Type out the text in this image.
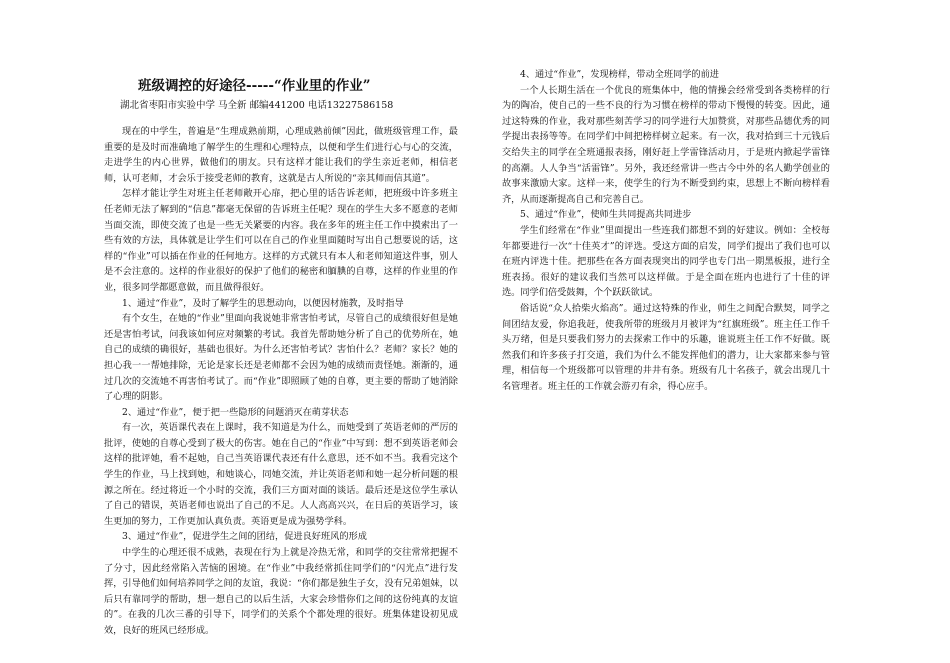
班级调控的好途径-----“作业里的作业”
湖北省枣阳市实验中学 马全新 邮编441200 电话13227586158

现在的中学生，普遍是“生理成熟前期，心理成熟前倾”因此，做班级管理工作，最重要的是及时而准确地了解学生的生理和心理特点，以便和学生们进行心与心的交流，走进学生的内心世界，做他们的朋友。只有这样才能让我们的学生亲近老师，相信老师，认可老师，才会乐于接受老师的教育，这就是古人所说的“亲其师而信其道”。

怎样才能让学生对班主任老师敞开心扉，把心里的话告诉老师，把班级中许多班主任老师无法了解到的“信息”都毫无保留的告诉班主任呢？现在的学生大多不愿意的老师当面交流，即使交流了也是一些无关紧要的内容。我在多年的班主任工作中摸索出了一些有效的方法，具体就是让学生们可以在自己的作业里面随时写出自己想要说的话，这样的“作业”可以插在作业的任何地方。这样的方式就只有本人和老师知道这件事，别人是不会注意的。这样的作业很好的保护了他们的秘密和腼腆的自尊，这样的作业里的作业，很多同学都愿意做，而且做得很好。

1、通过“作业”，及时了解学生的思想动向，以便因材施教，及时指导

有个女生，在她的“作业”里面向我说她非常害怕考试，尽管自己的成绩很好但是她还是害怕考试，问我该如何应对频繁的考试。我首先帮助她分析了自己的优势所在，她自己的成绩的确很好，基础也很好。为什么还害怕考试？害怕什么？老师？家长？她的担心我一一帮她排除，无论是家长还是老师都不会因为她的成绩而责怪她。渐渐的，通过几次的交流她不再害怕考试了。而“作业”即照顾了她的自尊，更主要的帮助了她消除了心理的阴影。

2、通过“作业”，便于把一些隐形的问题消灭在萌芽状态

有一次，英语课代表在上课时，我不知道是为什么，而她受到了英语老师的严厉的批评，使她的自尊心受到了极大的伤害。她在自己的“作业”中写到：想不到英语老师会这样的批评她，看不起她，自己当英语课代表还有什么意思，还不如不当。我看完这个学生的作业，马上找到她，和她谈心，同她交流，并让英语老师和她一起分析问题的根源之所在。经过将近一个小时的交流，我们三方面对面的谈话。最后还是这位学生承认了自己的错误，英语老师也说出了自己的不足。人人高高兴兴，在日后的英语学习，该生更加的努力，工作更加认真负责。英语更是成为强势学科。

3、通过“作业”，促进学生之间的团结，促进良好班风的形成

中学生的心理还很不成熟，表现在行为上就是冷热无常，和同学的交往常常把握不了分寸，因此经常陷入苦恼的困境。在“作业”中我经常抓住同学们的“闪光点”进行发挥，引导他们如何培养同学之间的友谊，我说：“你们都是独生子女，没有兄弟姐妹，以后只有靠同学的帮助，想一想自己的以后生活，大家会珍惜你们之间的这份纯真的友谊的”。在我的几次三番的引导下，同学们的关系个个都处理的很好。班集体建设初见成效，良好的班风已经形成。

4、通过“作业”，发现榜样，带动全班同学的前进

一个人长期生活在一个优良的班集体中，他的情操会经常受到各类榜样的行为的陶冶，使自己的一些不良的行为习惯在榜样的带动下慢慢的转变。因此，通过这特殊的作业，我对那些刻苦学习的同学进行大加赞赏，对那些品德优秀的同学提出表扬等等。在同学们中间把榜样树立起来。有一次，我对拾到三十元钱后交给失主的同学在全班通报表扬，刚好赶上学雷锋活动月，于是班内掀起学雷锋的高潮。人人争当“活雷锋”。另外，我还经常讲一些古今中外的名人勤学创业的故事来激励大家。这样一来，使学生的行为不断受到约束，思想上不断向榜样看齐，从而逐渐提高自己和完善自己。

5、通过“作业”，使师生共同提高共同进步

学生们经常在“作业”里面提出一些连我们都想不到的好建议。例如：全校每年都要进行一次“十佳英才”的评选。受这方面的启发，同学们提出了我们也可以在班内评选十佳。把那些在各方面表现突出的同学也专门出一期黑板报，进行全班表扬。很好的建议我们当然可以这样做。于是全面在班内也进行了十佳的评选。同学们倍受鼓舞，个个跃跃欲试。

俗话说“众人拾柴火焰高”。通过这特殊的作业，师生之间配合默契，同学之间团结友爱，你追我赶，使我所带的班级月月被评为“红旗班级”。班主任工作千头万绪，但是只要我们努力的去探索工作中的乐趣，谁说班主任工作不好做。既然我们和许多孩子打交道，我们为什么不能发挥他们的潜力，让大家都来参与管理，相信每一个班级都可以管理的井井有条。班级有几十名孩子，就会出现几十名管理者。班主任的工作就会游刃有余，得心应手。
